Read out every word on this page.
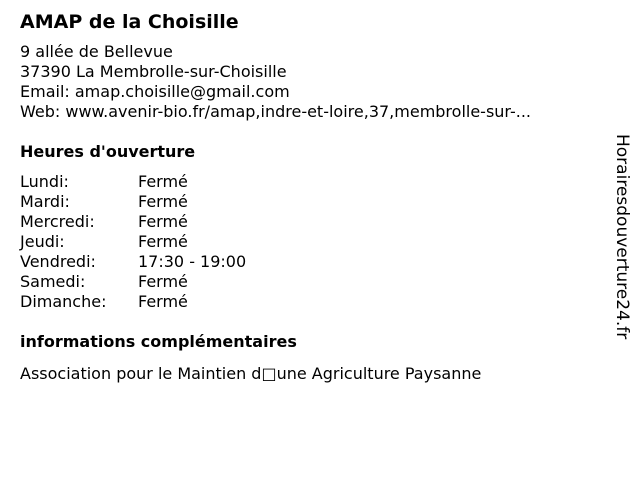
AMAP de la Choisille
9 allée de Bellevue
37390 La Membrolle-sur-Choisille
Email: amap.choisille@gmail.com
Web: www.avenir-bio.fr/amap,indre-et-loire,37,membrolle-sur-...
Heures d'ouverture
Lundi:	Fermé
Mardi:	Fermé
Mercredi:	Fermé
Jeudi:	Fermé
Vendredi:	17:30 - 19:00
Samedi:	Fermé
Dimanche:	Fermé
informations complémentaires
Association pour le Maintien d□une Agriculture Paysanne
Horairesdouverture24.fr
